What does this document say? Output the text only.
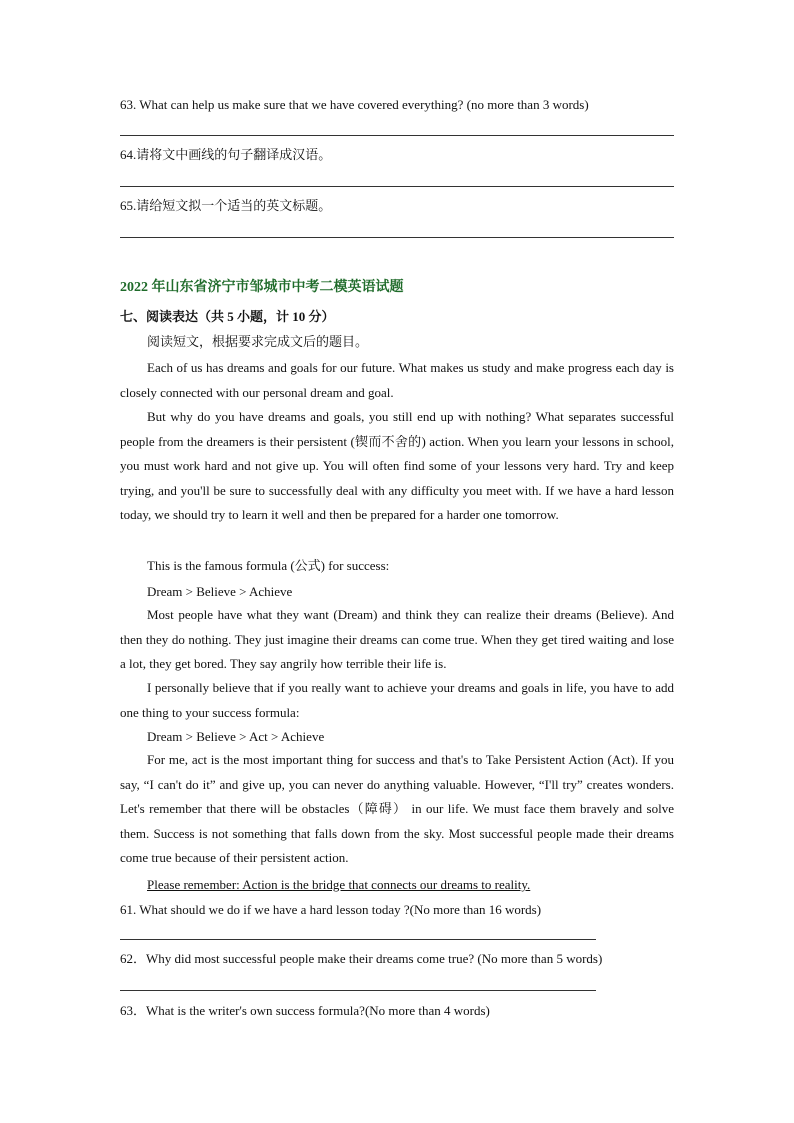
63. What can help us make sure that we have covered everything? (no more than 3 words)
64.请将文中画线的句子翻译成汉语。
65.请给短文拟一个适当的英文标题。
2022 年山东省济宁市邹城市中考二模英语试题
七、阅读表达（共 5 小题，计 10 分）
阅读短文，根据要求完成文后的题目。
Each of us has dreams and goals for our future. What makes us study and make progress each day is closely connected with our personal dream and goal.
But why do you have dreams and goals, you still end up with nothing? What separates successful people from the dreamers is their persistent (锲而不舍的) action. When you learn your lessons in school, you must work hard and not give up. You will often find some of your lessons very hard. Try and keep trying, and you'll be sure to successfully deal with any difficulty you meet with. If we have a hard lesson today, we should try to learn it well and then be prepared for a harder one tomorrow.
This is the famous formula (公式) for success:
Dream > Believe > Achieve
Most people have what they want (Dream) and think they can realize their dreams (Believe). And then they do nothing. They just imagine their dreams can come true. When they get tired waiting and lose a lot, they get bored. They say angrily how terrible their life is.
I personally believe that if you really want to achieve your dreams and goals in life, you have to add one thing to your success formula:
Dream > Believe > Act > Achieve
For me, act is the most important thing for success and that's to Take Persistent Action (Act). If you say, “I can't do it” and give up, you can never do anything valuable. However, “I'll try” creates wonders. Let's remember that there will be obstacles（障碍） in our life. We must face them bravely and solve them. Success is not something that falls down from the sky. Most successful people made their dreams come true because of their persistent action.
Please remember: Action is the bridge that connects our dreams to reality.
61. What should we do if we have a hard lesson today ?(No more than 16 words)
62．Why did most successful people make their dreams come true? (No more than 5 words)
63．What is the writer's own success formula?(No more than 4 words)
